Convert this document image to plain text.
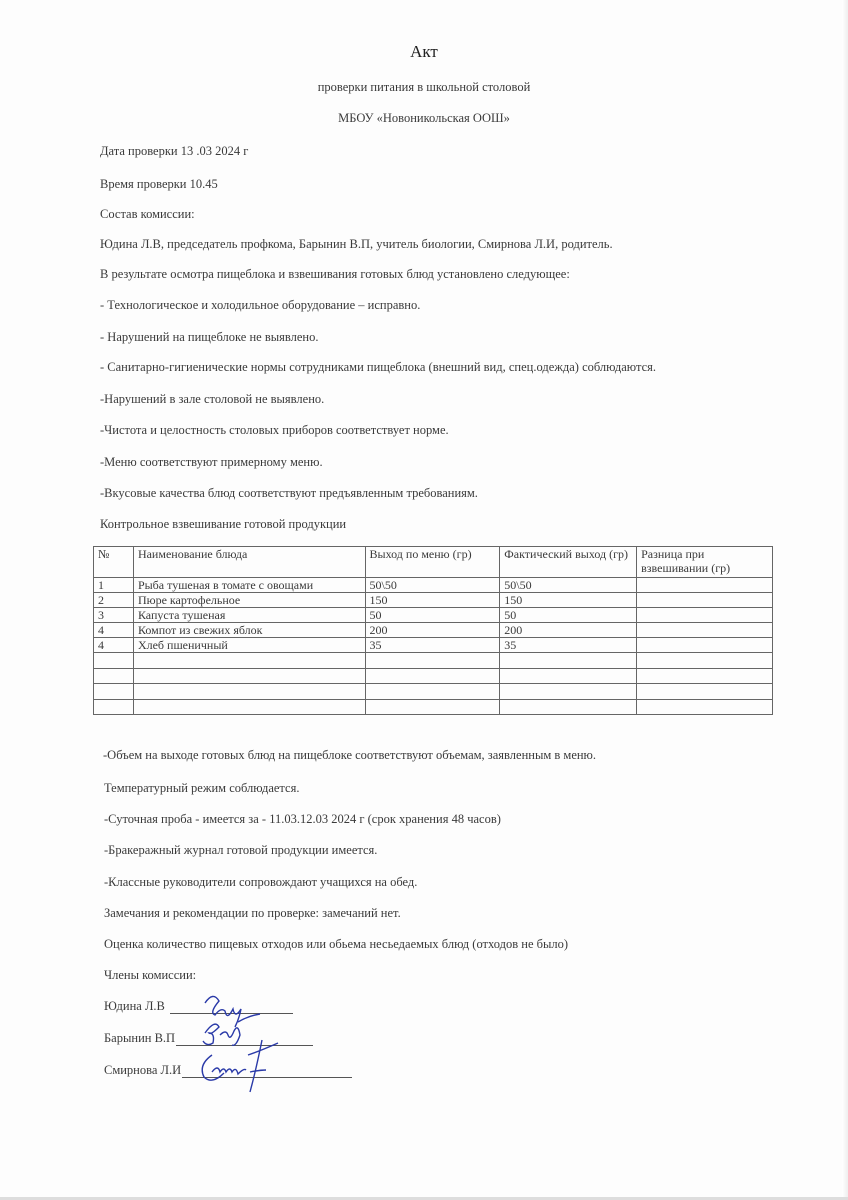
Акт
проверки питания в школьной столовой
МБОУ «Новоникольская ООШ»
Дата проверки 13 .03 2024 г
Время проверки 10.45
Состав комиссии:
Юдина Л.В, председатель профкома, Барынин В.П, учитель биологии, Смирнова Л.И, родитель.
В результате осмотра пищеблока и взвешивания готовых блюд установлено следующее:
- Технологическое и холодильное оборудование – исправно.
- Нарушений на пищеблоке не выявлено.
- Санитарно-гигиенические нормы сотрудниками пищеблока (внешний вид, спец.одежда) соблюдаются.
-Нарушений в зале столовой не выявлено.
-Чистота и целостность столовых приборов соответствует норме.
-Меню соответствуют примерному меню.
-Вкусовые качества блюд соответствуют предъявленным требованиям.
Контрольное взвешивание готовой продукции
№	Наименование блюда	Выход по меню (гр)	Фактический выход (гр)	Разница при взвешивании (гр)
1	Рыба тушеная в томате с овощами	50\50	50\50	
2	Пюре картофельное	150	150	
3	Капуста тушеная	50	50	
4	Компот из свежих яблок	200	200	
4	Хлеб пшеничный	35	35	

-Объем на выходе готовых блюд на пищеблоке соответствуют объемам, заявленным в меню.
Температурный режим соблюдается.
-Суточная проба - имеется за - 11.03.12.03 2024 г (срок хранения 48 часов)
-Бракеражный журнал готовой продукции имеется.
-Классные руководители сопровождают учащихся на обед.
Замечания и рекомендации по проверке: замечаний нет.
Оценка количество пищевых отходов или обьема несьедаемых блюд (отходов не было)
Члены комиссии:
Юдина Л.В
Барынин В.П
Смирнова Л.И
